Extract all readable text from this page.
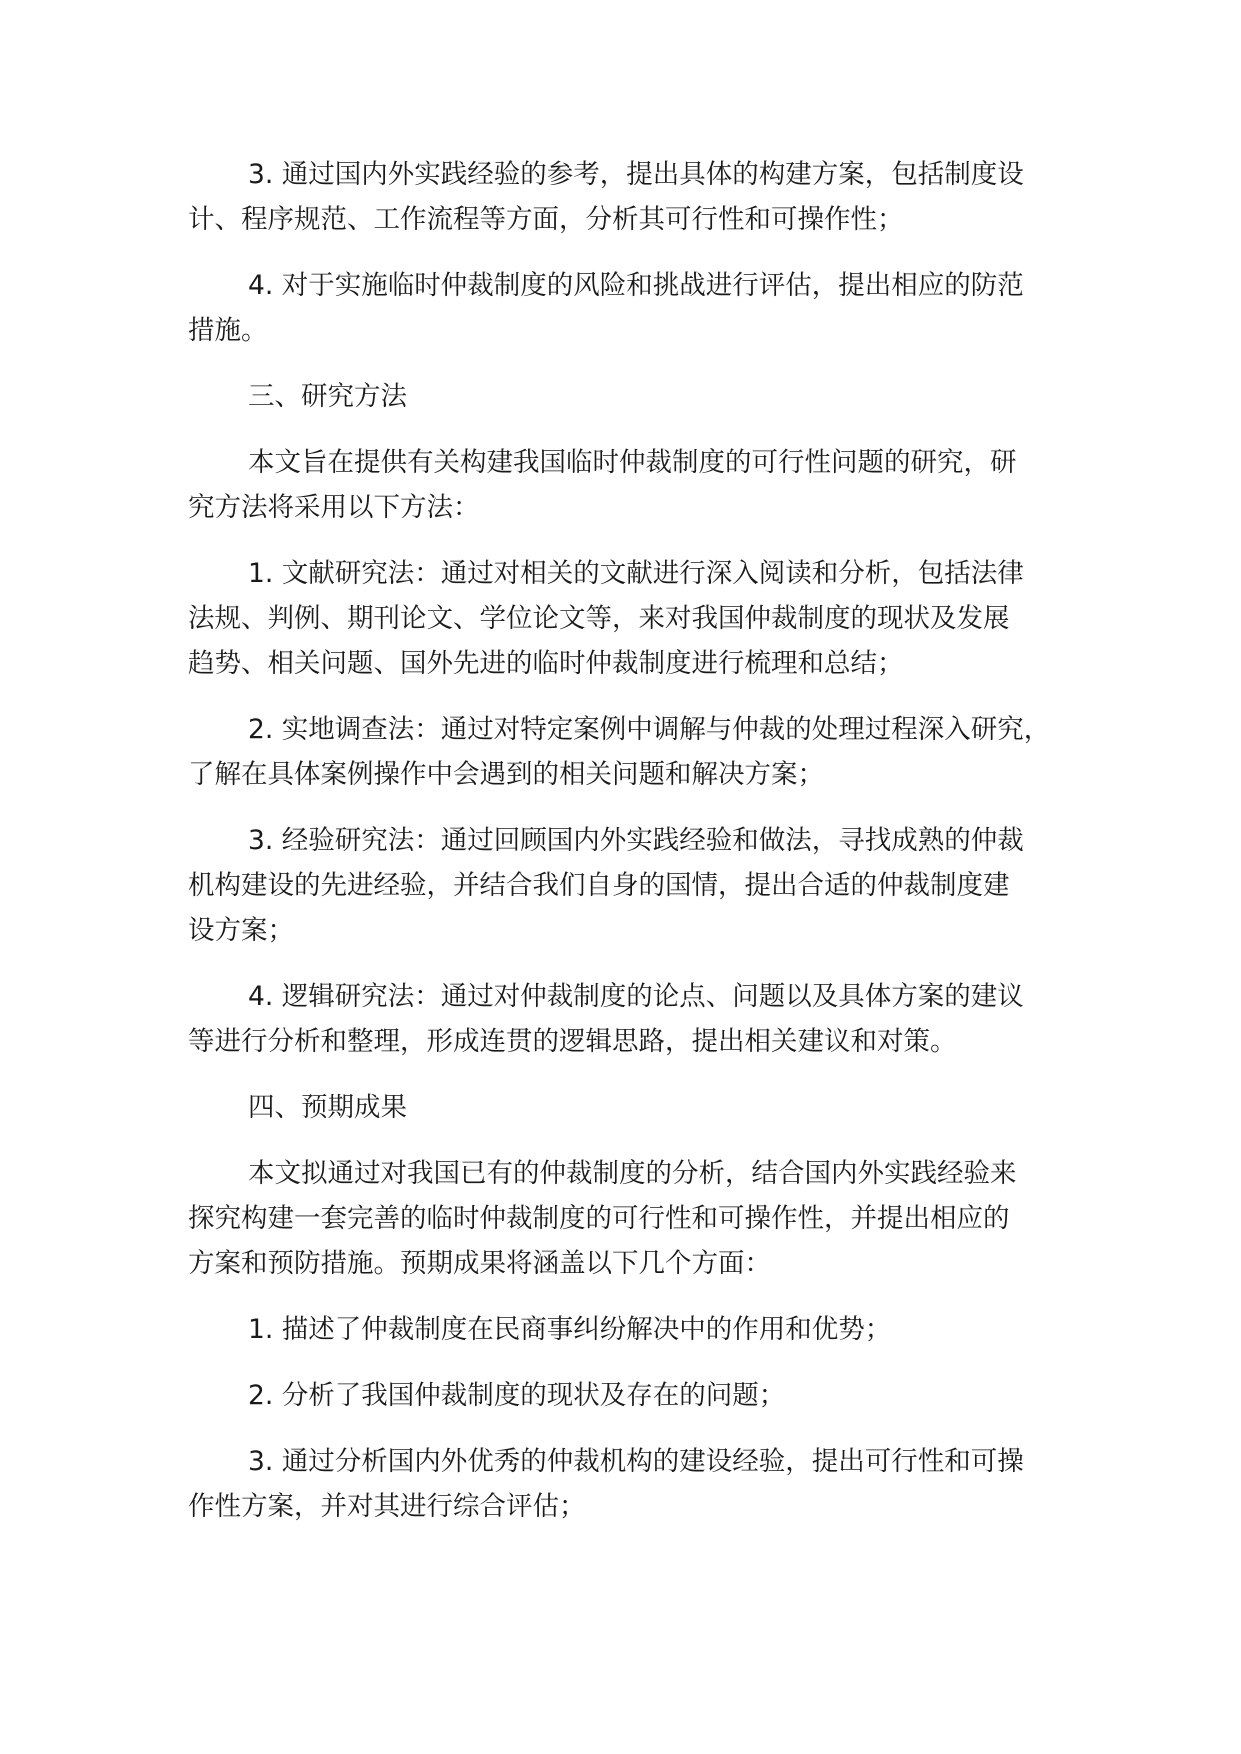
3. 通过国内外实践经验的参考，提出具体的构建方案，包括制度设
计、程序规范、工作流程等方面，分析其可行性和可操作性；

4. 对于实施临时仲裁制度的风险和挑战进行评估，提出相应的防范
措施。

三、研究方法

本文旨在提供有关构建我国临时仲裁制度的可行性问题的研究，研
究方法将采用以下方法：

1. 文献研究法：通过对相关的文献进行深入阅读和分析，包括法律
法规、判例、期刊论文、学位论文等，来对我国仲裁制度的现状及发展
趋势、相关问题、国外先进的临时仲裁制度进行梳理和总结；

2. 实地调查法：通过对特定案例中调解与仲裁的处理过程深入研究，
了解在具体案例操作中会遇到的相关问题和解决方案；

3. 经验研究法：通过回顾国内外实践经验和做法，寻找成熟的仲裁
机构建设的先进经验，并结合我们自身的国情，提出合适的仲裁制度建
设方案；

4. 逻辑研究法：通过对仲裁制度的论点、问题以及具体方案的建议
等进行分析和整理，形成连贯的逻辑思路，提出相关建议和对策。

四、预期成果

本文拟通过对我国已有的仲裁制度的分析，结合国内外实践经验来
探究构建一套完善的临时仲裁制度的可行性和可操作性，并提出相应的
方案和预防措施。预期成果将涵盖以下几个方面：

1. 描述了仲裁制度在民商事纠纷解决中的作用和优势；

2. 分析了我国仲裁制度的现状及存在的问题；

3. 通过分析国内外优秀的仲裁机构的建设经验，提出可行性和可操
作性方案，并对其进行综合评估；
